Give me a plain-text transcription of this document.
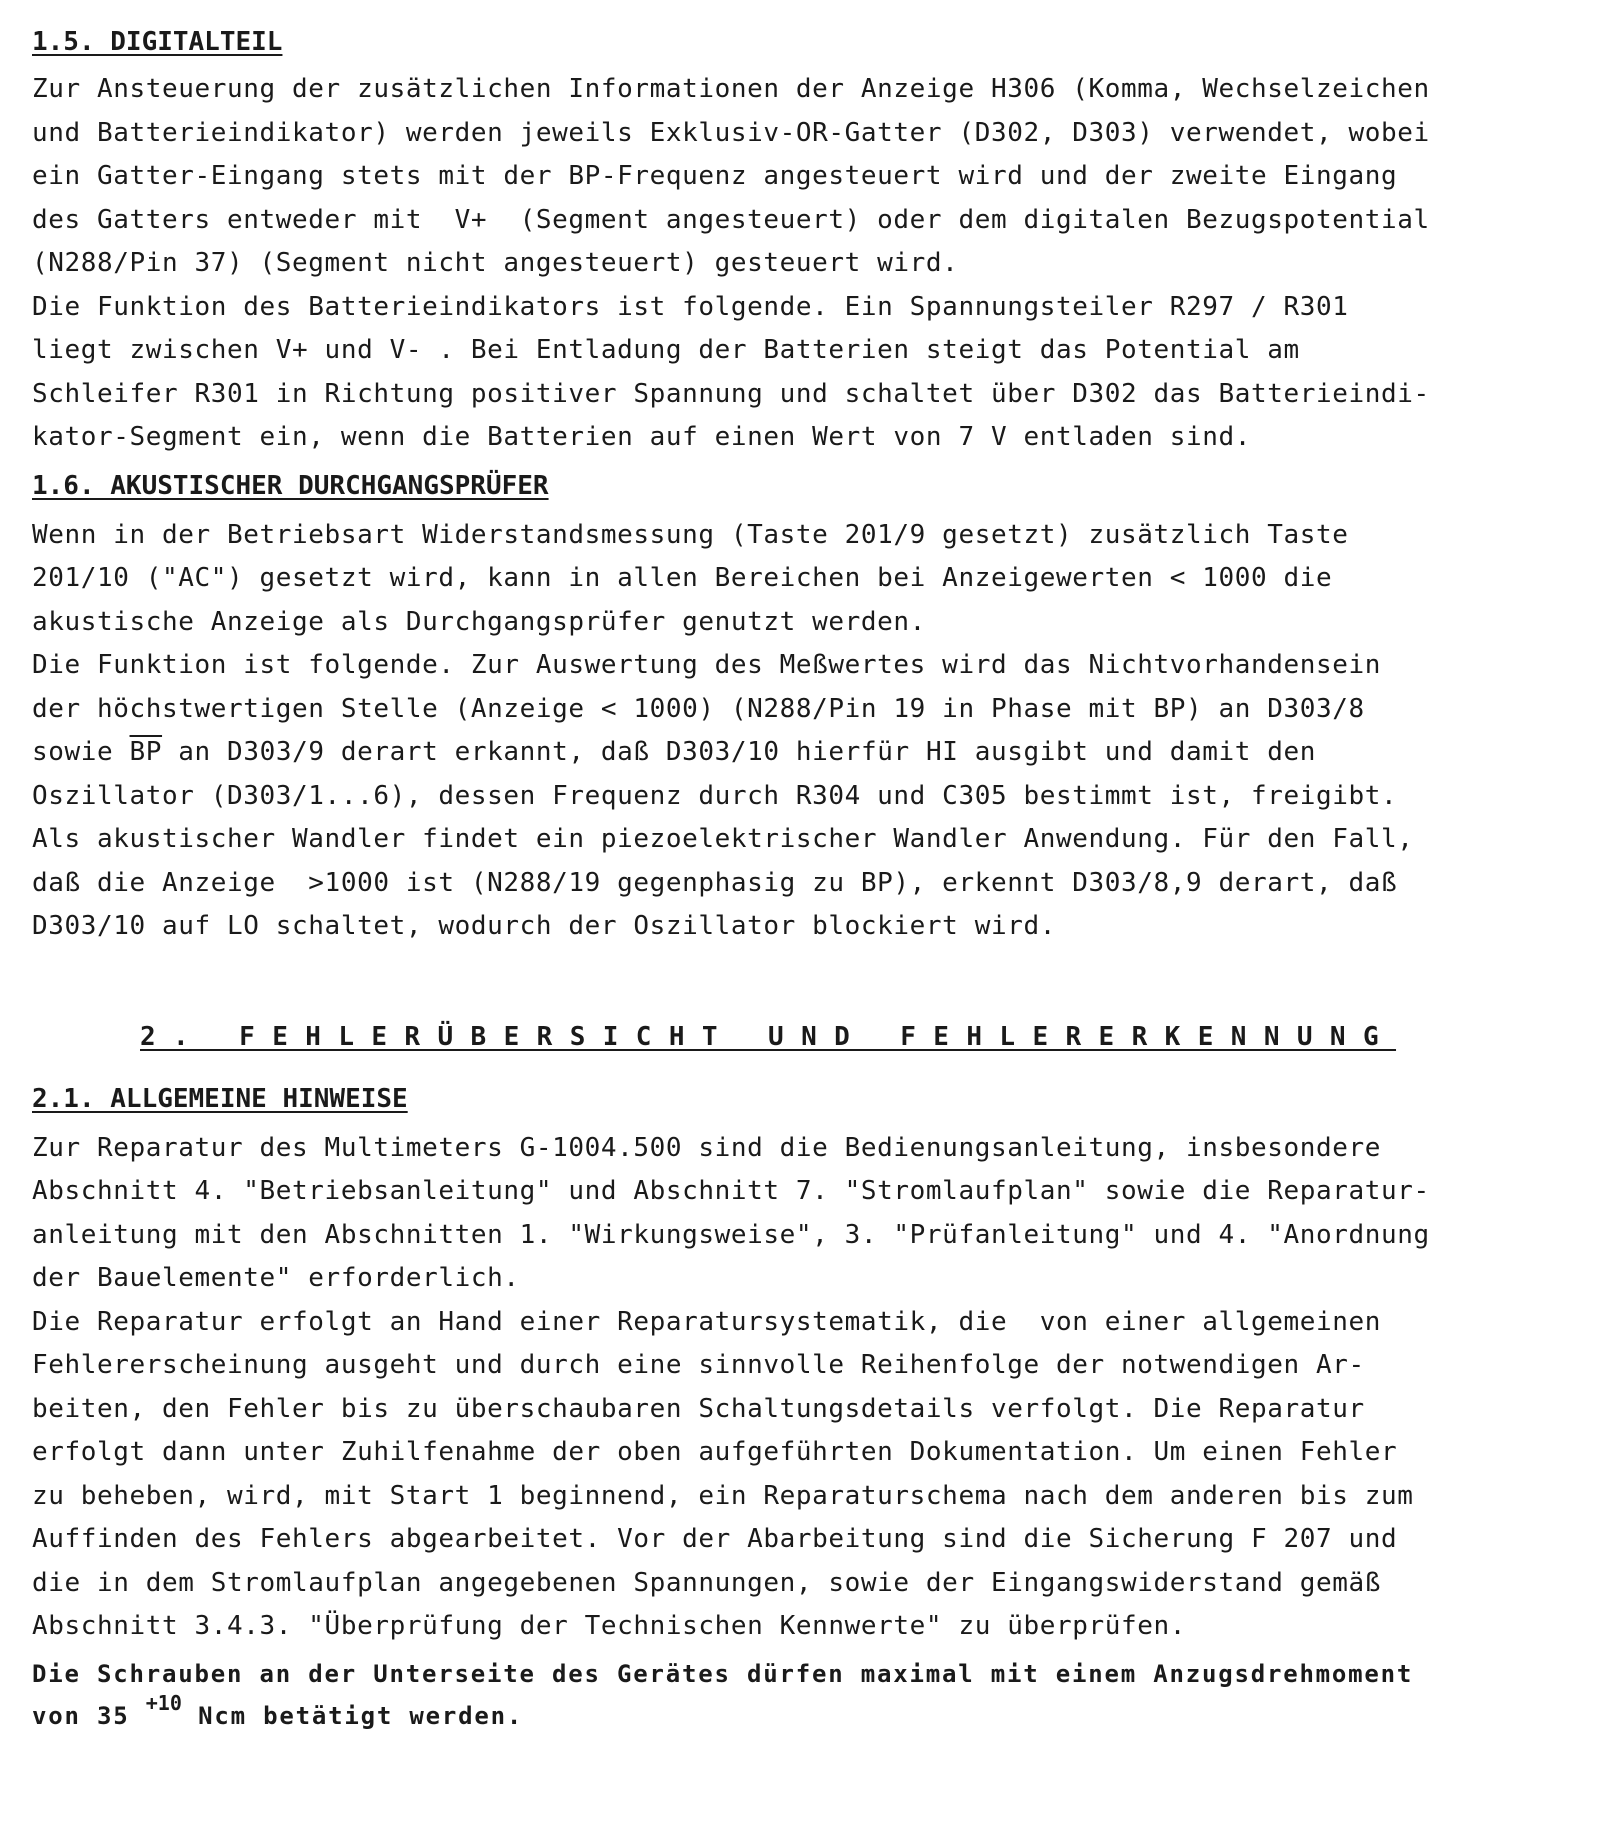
1.5. DIGITALTEIL
Zur Ansteuerung der zusätzlichen Informationen der Anzeige H306 (Komma, Wechselzeichen
und Batterieindikator) werden jeweils Exklusiv-OR-Gatter (D302, D303) verwendet, wobei
ein Gatter-Eingang stets mit der BP-Frequenz angesteuert wird und der zweite Eingang
des Gatters entweder mit  V+  (Segment angesteuert) oder dem digitalen Bezugspotential
(N288/Pin 37) (Segment nicht angesteuert) gesteuert wird.
Die Funktion des Batterieindikators ist folgende. Ein Spannungsteiler R297 / R301
liegt zwischen V+ und V- . Bei Entladung der Batterien steigt das Potential am
Schleifer R301 in Richtung positiver Spannung und schaltet über D302 das Batterieindi-
kator-Segment ein, wenn die Batterien auf einen Wert von 7 V entladen sind.
1.6. AKUSTISCHER DURCHGANGSPRÜFER
Wenn in der Betriebsart Widerstandsmessung (Taste 201/9 gesetzt) zusätzlich Taste
201/10 ("AC") gesetzt wird, kann in allen Bereichen bei Anzeigewerten < 1000 die
akustische Anzeige als Durchgangsprüfer genutzt werden.
Die Funktion ist folgende. Zur Auswertung des Meßwertes wird das Nichtvorhandensein
der höchstwertigen Stelle (Anzeige < 1000) (N288/Pin 19 in Phase mit BP) an D303/8
sowie $\overline{BP}$ an D303/9 derart erkannt, daß D303/10 hierfür HI ausgibt und damit den
Oszillator (D303/1...6), dessen Frequenz durch R304 und C305 bestimmt ist, freigibt.
Als akustischer Wandler findet ein piezoelektrischer Wandler Anwendung. Für den Fall,
daß die Anzeige  >1000 ist (N288/19 gegenphasig zu BP), erkennt D303/8,9 derart, daß
D303/10 auf LO schaltet, wodurch der Oszillator blockiert wird.
2. FEHLERÜBERSICHT UND FEHLERERKENNUNG
2.1. ALLGEMEINE HINWEISE
Zur Reparatur des Multimeters G-1004.500 sind die Bedienungsanleitung, insbesondere
Abschnitt 4. "Betriebsanleitung" und Abschnitt 7. "Stromlaufplan" sowie die Reparatur-
anleitung mit den Abschnitten 1. "Wirkungsweise", 3. "Prüfanleitung" und 4. "Anordnung
der Bauelemente" erforderlich.
Die Reparatur erfolgt an Hand einer Reparatursystematik, die  von einer allgemeinen
Fehlererscheinung ausgeht und durch eine sinnvolle Reihenfolge der notwendigen Ar-
beiten, den Fehler bis zu überschaubaren Schaltungsdetails verfolgt. Die Reparatur
erfolgt dann unter Zuhilfenahme der oben aufgeführten Dokumentation. Um einen Fehler
zu beheben, wird, mit Start 1 beginnend, ein Reparaturschema nach dem anderen bis zum
Auffinden des Fehlers abgearbeitet. Vor der Abarbeitung sind die Sicherung F 207 und
die in dem Stromlaufplan angegebenen Spannungen, sowie der Eingangswiderstand gemäß
Abschnitt 3.4.3. "Überprüfung der Technischen Kennwerte" zu überprüfen.
Die Schrauben an der Unterseite des Gerätes dürfen maximal mit einem Anzugsdrehmoment
von 35 $^{+10}$ Ncm betätigt werden.
